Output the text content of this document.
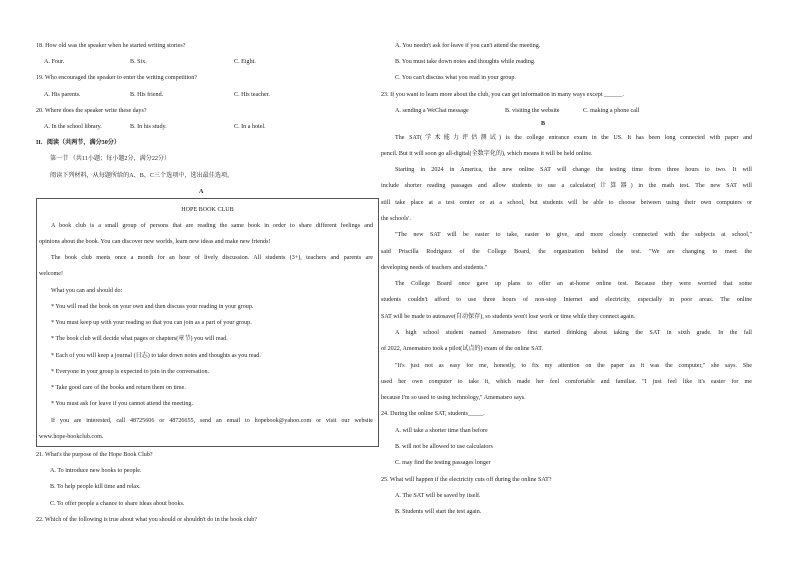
18. How old was the speaker when he started writing stories?
A. Four.	B. Six.	C. Eight.
19. Who encouraged the speaker to enter the writing competition?
A. His parents.	B. His friend.	C. His teacher.
20. Where does the speaker write these days?
A. In the school library.	B. In his study.	C. In a hotel.
II．阅读（共两节，满分30分）
第一节 （共11小题；每小题2分，满分22分）
阅读下列材料，从每题所给的A、B、C三个选项中，选出最佳选项。
A
HOPE BOOK CLUB
A book club is a small group of persons that are reading the same book in order to share different feelings and
opinions about the book. You can discover new worlds, learn new ideas and make new friends!
The book club meets once a month for an hour of lively discussion. All students (3+), teachers and parents are
welcome!
What you can and should do:
* You will read the book on your own and then discuss your reading in your group.
* You must keep up with your reading so that you can join as a part of your group.
* The book club will decide what pages or chapters(章节) you will read.
* Each of you will keep a journal (日志) to take down notes and thoughts as you read.
* Everyone in your group is expected to join in the conversation.
* Take good care of the books and return them on time.
* You must ask for leave if you cannot attend the meeting.
If you are interested, call 48725606 or 48726655, send an email to hopebook@yahoo.com or visit our website
www.hope-bookclub.com.
21. What's the purpose of the Hope Book Club?
A. To introduce new books to people.
B. To help people kill time and relax.
C. To offer people a chance to share ideas about books.
22. Which of the following is true about what you should or shouldn't do in the book club?
A. You needn't ask for leave if you can't attend the meeting.
B. You must take down notes and thoughts while reading.
C. You can't discuss what you read in your group.
23. If you want to learn more about the club, you can get information in many ways except ______.
A. sending a WeChat message	B. visiting the website	C. making a phone call
B
The SAT(学术能力评估测试) is the college entrance exam in the US. It has been long connected with paper and
pencil. But it will soon go all-digital(全数字化的), which means it will be held online.
Starting in 2024 in America, the new online SAT will change the testing time from three hours to two. It will
include shorter reading passages and allow students to use a calculator(计算器) in the math test. The new SAT will
still take place at a test center or at a school, but students will be able to choose between using their own computers or
the schools'.
"The new SAT will be easier to take, easier to give, and more closely connected with the subjects at school,"
said Priscilla Rodriguez of the College Board, the organization behind the test. "We are changing to meet the
developing needs of teachers and students."
The College Board once gave up plans to offer an at-home online test. Because they were worried that some
students couldn't afford to use three hours of non-stop Internet and electricity, especially in poor areas. The online
SAT will be made to autosave(自动保存), so students won't lose work or time while they connect again.
A high school student named Amematsro first started thinking about taking the SAT in sixth grade. In the fall
of 2022, Amematsro took a pilot(试点的) exam of the online SAT.
"It's just not as easy for me, honestly, to fix my attention on the paper as it was the computer," she says. She
used her own computer to take it, which made her feel comfortable and familiar. "I just feel like it's easier for me
because I'm so used to using technology," Amematsro says.
24. During the online SAT, students_____.
A. will take a shorter time than before
B. will not be allowed to use calculators
C. may find the testing passages longer
25. What will happen if the electricity cuts off during the online SAT?
A. The SAT will be saved by itself.
B. Students will start the test again.
